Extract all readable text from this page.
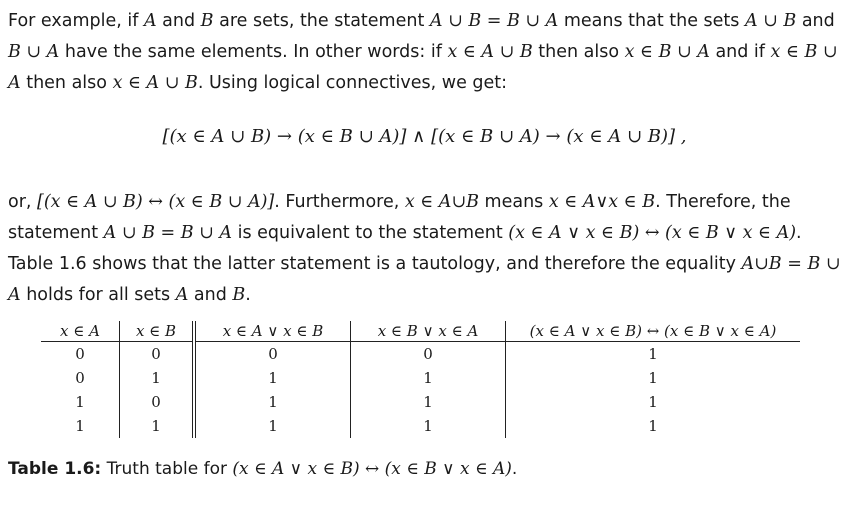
For example, if A and B are sets, the statement A ∪ B = B ∪ A means that the sets A ∪ B and B ∪ A have the same elements. In other words: if x ∈ A ∪ B then also x ∈ B ∪ A and if x ∈ B ∪ A then also x ∈ A ∪ B. Using logical connectives, we get:
[(x ∈ A ∪ B) → (x ∈ B ∪ A)] ∧ [(x ∈ B ∪ A) → (x ∈ A ∪ B)] ,
or, [(x ∈ A ∪ B) ↔ (x ∈ B ∪ A)]. Furthermore, x ∈ A∪B means x ∈ A∨x ∈ B. Therefore, the statement A ∪ B = B ∪ A is equivalent to the statement (x ∈ A ∨ x ∈ B) ↔ (x ∈ B ∨ x ∈ A). Table 1.6 shows that the latter statement is a tautology, and therefore the equality A∪B = B ∪ A holds for all sets A and B.
x ∈ A	x ∈ B	x ∈ A ∨ x ∈ B	x ∈ B ∨ x ∈ A	(x ∈ A ∨ x ∈ B) ↔ (x ∈ B ∨ x ∈ A)
0	0	0	0	1
0	1	1	1	1
1	0	1	1	1
1	1	1	1	1
Table 1.6: Truth table for (x ∈ A ∨ x ∈ B) ↔ (x ∈ B ∨ x ∈ A).
